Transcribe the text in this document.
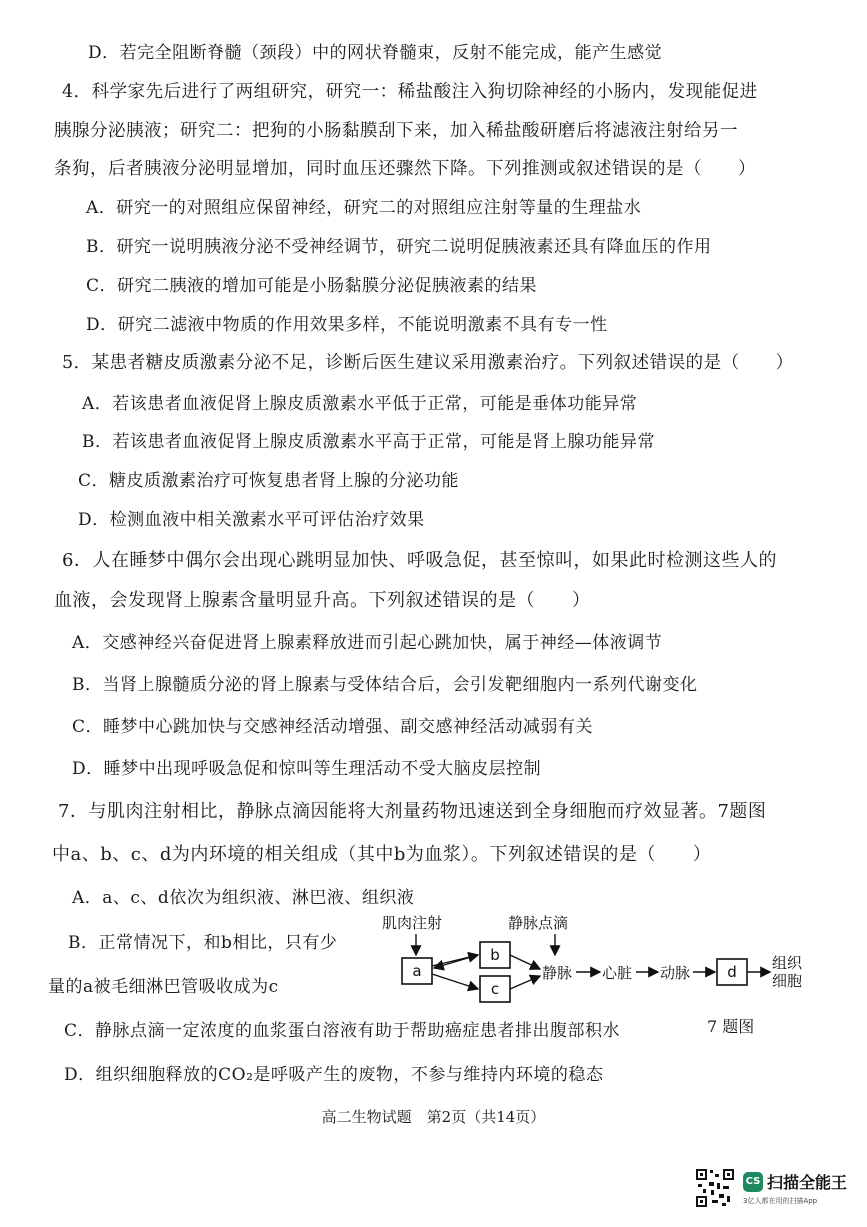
D．若完全阻断脊髓（颈段）中的网状脊髓束，反射不能完成，能产生感觉
4．科学家先后进行了两组研究，研究一：稀盐酸注入狗切除神经的小肠内，发现能促进
胰腺分泌胰液；研究二：把狗的小肠黏膜刮下来，加入稀盐酸研磨后将滤液注射给另一
条狗，后者胰液分泌明显增加，同时血压还骤然下降。下列推测或叙述错误的是（　　）
A．研究一的对照组应保留神经，研究二的对照组应注射等量的生理盐水
B．研究一说明胰液分泌不受神经调节，研究二说明促胰液素还具有降血压的作用
C．研究二胰液的增加可能是小肠黏膜分泌促胰液素的结果
D．研究二滤液中物质的作用效果多样，不能说明激素不具有专一性
5．某患者糖皮质激素分泌不足，诊断后医生建议采用激素治疗。下列叙述错误的是（　　）
A．若该患者血液促肾上腺皮质激素水平低于正常，可能是垂体功能异常
B．若该患者血液促肾上腺皮质激素水平高于正常，可能是肾上腺功能异常
C．糖皮质激素治疗可恢复患者肾上腺的分泌功能
D．检测血液中相关激素水平可评估治疗效果
6．人在睡梦中偶尔会出现心跳明显加快、呼吸急促，甚至惊叫，如果此时检测这些人的
血液，会发现肾上腺素含量明显升高。下列叙述错误的是（　　）
A．交感神经兴奋促进肾上腺素释放进而引起心跳加快，属于神经—体液调节
B．当肾上腺髓质分泌的肾上腺素与受体结合后，会引发靶细胞内一系列代谢变化
C．睡梦中心跳加快与交感神经活动增强、副交感神经活动减弱有关
D．睡梦中出现呼吸急促和惊叫等生理活动不受大脑皮层控制
7．与肌肉注射相比，静脉点滴因能将大剂量药物迅速送到全身细胞而疗效显著。7题图
中a、b、c、d为内环境的相关组成（其中b为血浆）。下列叙述错误的是（　　）
A．a、c、d依次为组织液、淋巴液、组织液
B．正常情况下，和b相比，只有少
量的a被毛细淋巴管吸收成为c
C．静脉点滴一定浓度的血浆蛋白溶液有助于帮助癌症患者排出腹部积水
D．组织细胞释放的CO₂是呼吸产生的废物，不参与维持内环境的稳态
肌肉注射	静脉点滴
a
b
c
静脉 心脏 动脉 d 组织
细胞
7 题图
高二生物试题　第2页（共14页）
CS 扫描全能王
3亿人都在用的扫描App
